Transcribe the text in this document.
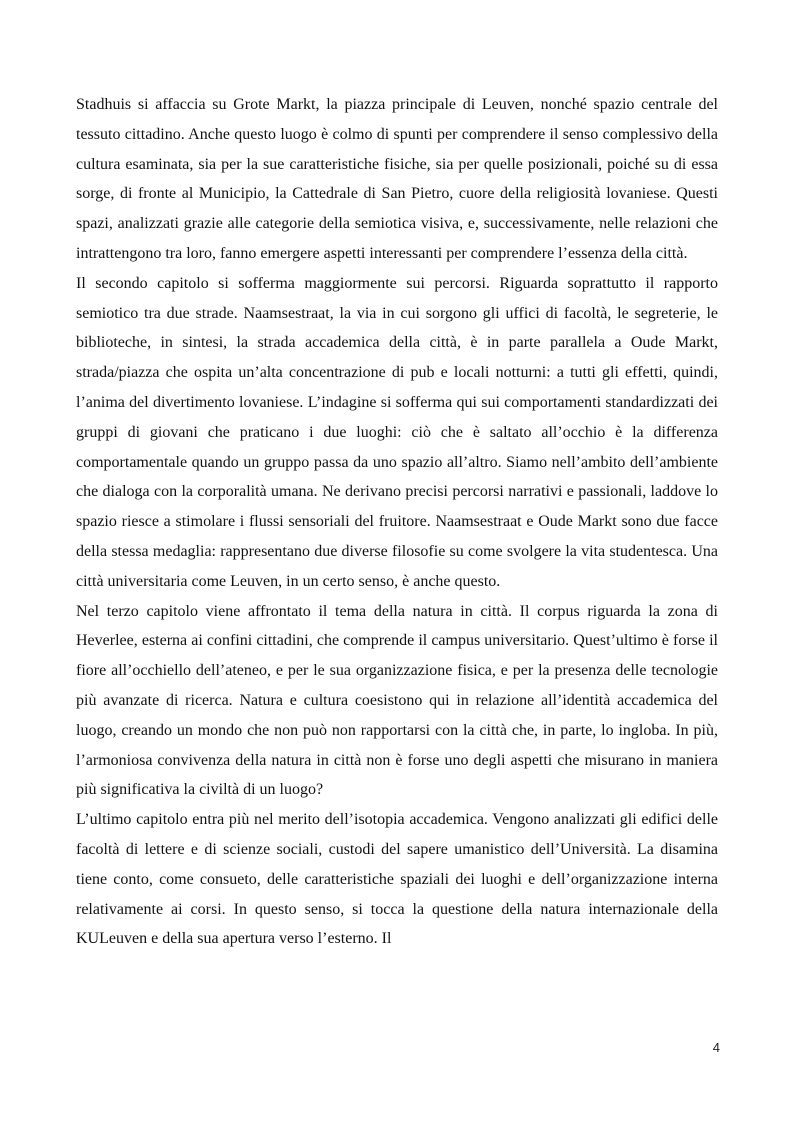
Stadhuis si affaccia su Grote Markt, la piazza principale di Leuven, nonché spazio centrale del tessuto cittadino. Anche questo luogo è colmo di spunti per comprendere il senso complessivo della cultura esaminata, sia per la sue caratteristiche fisiche, sia per quelle posizionali, poiché su di essa sorge, di fronte al Municipio, la Cattedrale di San Pietro, cuore della religiosità lovaniese. Questi spazi, analizzati grazie alle categorie della semiotica visiva, e, successivamente, nelle relazioni che intrattengono tra loro, fanno emergere aspetti interessanti per comprendere l’essenza della città.

Il secondo capitolo si sofferma maggiormente sui percorsi. Riguarda soprattutto il rapporto semiotico tra due strade. Naamsestraat, la via in cui sorgono gli uffici di facoltà, le segreterie, le biblioteche, in sintesi, la strada accademica della città, è in parte parallela a Oude Markt, strada/piazza che ospita un’alta concentrazione di pub e locali notturni: a tutti gli effetti, quindi, l’anima del divertimento lovaniese. L’indagine si sofferma qui sui comportamenti standardizzati dei gruppi di giovani che praticano i due luoghi: ciò che è saltato all’occhio è la differenza comportamentale quando un gruppo passa da uno spazio all’altro. Siamo nell’ambito dell’ambiente che dialoga con la corporalità umana. Ne derivano precisi percorsi narrativi e passionali, laddove lo spazio riesce a stimolare i flussi sensoriali del fruitore. Naamsestraat e Oude Markt sono due facce della stessa medaglia: rappresentano due diverse filosofie su come svolgere la vita studentesca. Una città universitaria come Leuven, in un certo senso, è anche questo.

Nel terzo capitolo viene affrontato il tema della natura in città. Il corpus riguarda la zona di Heverlee, esterna ai confini cittadini, che comprende il campus universitario. Quest’ultimo è forse il fiore all’occhiello dell’ateneo, e per le sua organizzazione fisica, e per la presenza delle tecnologie più avanzate di ricerca. Natura e cultura coesistono qui in relazione all’identità accademica del luogo, creando un mondo che non può non rapportarsi con la città che, in parte, lo ingloba. In più, l’armoniosa convivenza della natura in città non è forse uno degli aspetti che misurano in maniera più significativa la civiltà di un luogo?

L’ultimo capitolo entra più nel merito dell’isotopia accademica. Vengono analizzati gli edifici delle facoltà di lettere e di scienze sociali, custodi del sapere umanistico dell’Università. La disamina tiene conto, come consueto, delle caratteristiche spaziali dei luoghi e dell’organizzazione interna relativamente ai corsi. In questo senso, si tocca la questione della natura internazionale della KULeuven e della sua apertura verso l’esterno. Il

4
